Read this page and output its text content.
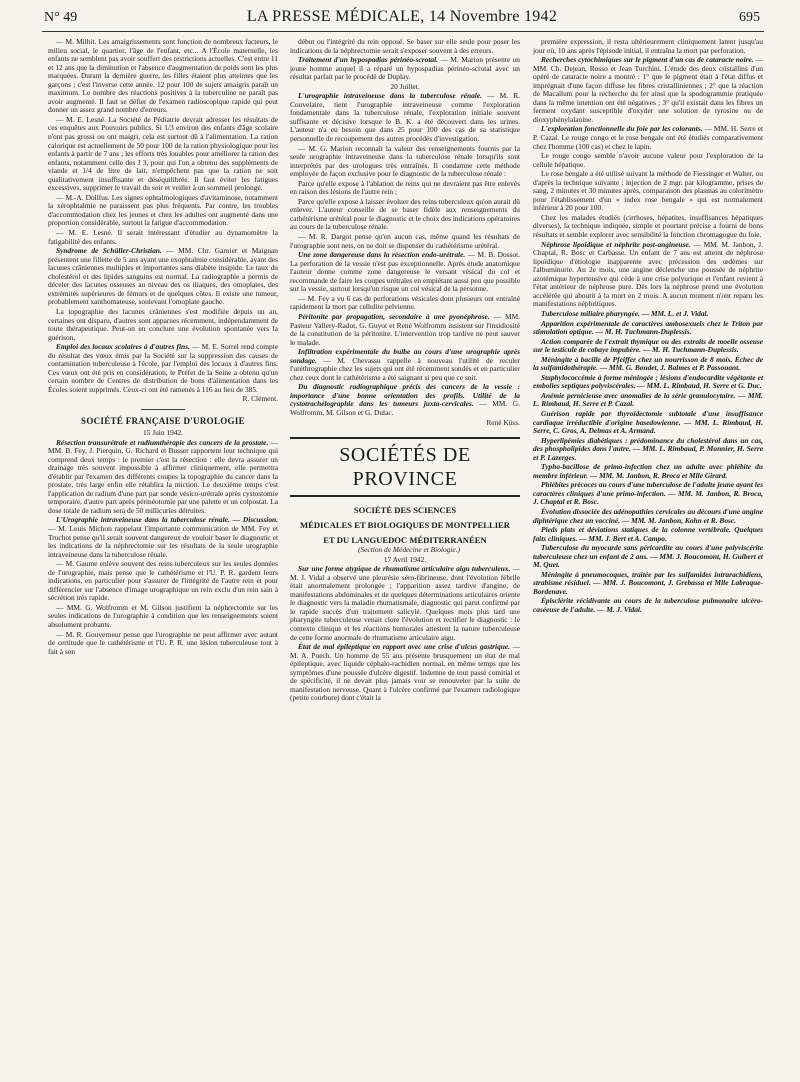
N° 49	LA PRESSE MÉDICALE, 14 Novembre 1942	695

— M. Milhit. Les amaigrissements sont fonction de nombreux facteurs, le milieu social, le quartier, l'âge de l'enfant, etc... A l'École maternelle, les enfants ne semblent pas avoir souffert des restrictions actuelles. C'est entre 11 et 12 ans que la diminution et l'absence d'augmentation de poids sont les plus marquées. Durant la dernière guerre, les filles étaient plus atteintes que les garçons ; c'est l'inverse cette année. 12 pour 100 de sujets amaigris paraît un maximum. Le nombre des réactions positives à la tuberculine ne paraît pas avoir augmenté. Il faut se défier de l'examen radioscopique rapide qui peut donner un assez grand nombre d'erreurs.

— M. E. Lesné. La Société de Pédiatrie devrait adresser les résultats de ces enquêtes aux Pouvoirs publics. Si 1/3 environ des enfants d'âge scolaire n'ont pas grossi ou ont maigri, cela est surtout dû à l'alimentation. La ration calorique est actuellement de 50 pour 100 de la ration physiologique pour les enfants à partir de 7 ans ; les efforts très louables pour améliorer la ration des enfants, notamment celle des J 3, pour qui l'on a obtenu des suppléments de viande et 1/4 de litre de lait, n'empêchent pas que la ration ne soit qualitativement insuffisante et déséquilibrée. Il faut éviter les fatigues excessives, supprimer le travail du soir et veiller à un sommeil prolongé.

— M.-A. Dollfus. Les signes ophtalmologiques d'avitaminose, notamment la xérophtalmie ne paraissent pas plus fréquents. Par contre, les troubles d'accommodation chez les jeunes et chez les adultes ont augmenté dans une proportion considérable, surtout la fatigue d'accommodation.

— M. E. Lesné. Il serait intéressant d'étudier au dynamomètre la fatigabilité des enfants.

Syndrome de Schüller-Christian. — MM. Chr. Garnier et Maignan présentent une fillette de 5 ans ayant une exophtalmie considérable, ayant des lacunes crâniennes multiples et importantes sans diabète insipide. Le taux du cholestérol et des lipides sanguins est normal. La radiographie a permis de déceler des lacunes osseuses au niveau des os iliaques, des omoplates, des extrémités supérieures de fémurs et de quelques côtes. Il existe une tumeur, probablement xanthomateuse, soulevant l'omoplate gauche.

La topographie des lacunes crâniennes s'est modifiée depuis un an, certaines ont disparu, d'autres sont apparues récemment, indépendamment de toute thérapeutique. Peut-on en conclure une évolution spontanée vers la guérison.

Emploi des locaux scolaires à d'autres fins. — M. E. Sorrel rend compte du résultat des vœux émis par la Société sur la suppression des causes de contamination tuberculeuse à l'école, par l'emploi des locaux à d'autres fins. Ces vœux ont été pris en considération, le Préfet de la Seine a obtenu qu'un certain nombre de Centres de distribution de bons d'alimentation dans les Écoles soient supprimés. Ceux-ci ont été ramenés à 116 au lieu de 385.

R. Clément.

SOCIÉTÉ FRANÇAISE D'UROLOGIE

15 Juin 1942.

Résection transurétrale et radiumthérapie des cancers de la prostate. — MM. B. Fey, J. Pierquin, G. Richard et Busser rapportent leur technique qui comprend deux temps : le premier c'est la résection : elle devra assurer un drainage très souvent impossible à affirmer cliniquement, elle permettra d'établir par l'examen des différents coupes la topographie du cancer dans la prostate, très large enfin elle rétablira la miction. Le deuxième temps c'est l'application de radium d'une part par sonde vésico-urétrale après cystostomie temporaire, d'autre part après périnéotomie par une palette et un colpostat. La dose totale de radium sera de 50 millicuries détruites.

L'Urographie intraveineuse dans la tuberculose rénale. — Discussion. — M. Louis Michon rappelant l'importante communication de MM. Fey et Truchot pense qu'il serait souvent dangereux de vouloir baser le diagnostic et les indications de la néphrectomie sur les résultats de la seule urographie intraveineuse dans la tuberculose rénale.

— M. Gaume enlève souvent des reins tuberculeux sur les seules données de l'urographie, mais pense que le cathétérisme et l'U. P. R. gardent leurs indications, en particulier pour s'assurer de l'intégrité de l'autre rein et pour différencier sur l'absence d'image urographique un rein exclu d'un rein sain à sécrétion très rapide.

— MM. G. Wolfromm et M. Gilson justifient la néphrectomie sur les seules indications de l'urographie à condition que les renseignements soient absolument probants.

— M. R. Gouverneur pense que l'urographie ne peut affirmer avec autant de certitude que le cathétérisme et l'U. P. R. une lésion tuberculeuse tout à fait à son

début ou l'intégrité du rein opposé. Se baser sur elle seule pour poser les indications de la néphrectomie serait s'exposer souvent à des erreurs.

Traitement d'un hypospadias périnéo-scrotal. — M. Marion présente un jeune homme auquel il a réparé un hypospadias périnéo-scrotal avec un résultat parfait par le procédé de Duplay.

20 Juillet.

L'urographie intraveineuse dans la tuberculose rénale. — M. R. Couvelaire, tient l'urographie intraveineuse comme l'exploration fondamentale dans la tuberculose rénale, l'exploration initiale souvent suffisante et décisive lorsque le B. K. a été découvert dans les urines. L'auteur n'a eu besoin que dans 25 pour 100 des cas de sa statistique personnelle de recoupement des autres procédés d'investigation.

— M. G. Marion reconnaît la valeur des renseignements fournis par la seule urographie intraveineuse dans la tuberculose rénale lorsqu'ils sont interprétés par des urologues très entraînés. Il condamne cette méthode employée de façon exclusive pour le diagnostic de la tuberculose rénale :

Parce qu'elle expose à l'ablation de reins qui ne devraient pas être enlevés en raison des lésions de l'autre rein ;

Parce qu'elle expose à laisser évoluer des reins tuberculeux qu'on aurait dû enlever. L'auteur conseille de se baser fidèle aux renseignements du cathétérisme urétéral pour le diagnostic et le choix des indications opératoires au cours de la tuberculose rénale.

— M. R. Dargot pense qu'en aucun cas, même quand les résultats de l'urographie sont nets, on ne doit se dispenser du cathétérisme urétéral.

Une zone dangereuse dans la résection endo-urétrale. — M. B. Dossot. La perforation de la vessie n'est pas exceptionnelle. Après étude anatomique l'auteur donne comme zone dangereuse le versant vésical du col et recommande de faire les coupes urétrales en empiétant aussi peu que possible sur la vessie, surtout lorsqu'un risque un col vésical de la personne.

— M. Fey a vu 6 cas de perforations vésicales dont plusieurs ont entraîné rapidement la mort par cellulite pelvienne.

Péritonite par propagation, secondaire à une pyonéphrose. — MM. Pasteur Vallery-Radot, G. Guyot et René Wolfromm insistent sur l'insidiosité de la constitution de la péritonite. L'intervention trop tardive ne peut sauver le malade.

Infiltration expérimentale du bulbe au cours d'une urographie après sondage. — M. Chevassu rappelle à nouveau l'utilité de reculer l'uréthrographie chez les sujets qui ont été récemment sondés et en particulier chez ceux dont le cathétérisme a été saignant si peu que ce soit.

Du diagnostic radiographique précis des cancers de la vessie : importance d'une bonne orientation des profils. Utilité de la cystotrachélographie dans les tumeurs juxta-cervicales. — MM. G. Wolfromm, M. Gilson et G. Dulac.

René Küss.

SOCIÉTÉS DE PROVINCE
SOCIÉTÉ DES SCIENCES
MÉDICALES ET BIOLOGIQUES DE MONTPELLIER
ET DU LANGUEDOC MÉDITERRANÉEN

(Section de Médecine et Biologie.)

17 Avril 1942.

Sur une forme atypique de rhumatisme articulaire aigu tuberculeux. — M. J. Vidal a observé une pleurésie séro-fibrineuse, dont l'évolution fébrile était anormalement prolongée ; l'apparition assez tardive d'angine, de manifestations abdominales et de quelques déterminations articulaires oriente le diagnostic vers la maladie rhumatismale, diagnostic qui parut confirmé par le rapide succès d'un traitement salicylé. Quelques mois plus tard une pharyngite tuberculeuse venait clore l'évolution et rectifier le diagnostic : le contexte clinique et les réactions humorales attestent la nature tuberculeuse de cette forme anormale de rhumatisme articulaire aigu.

État de mal épileptique en rapport avec une crise d'ulcus gastrique. — M. A. Puech. Un homme de 55 ans présente brusquement un état de mal épileptique, avec liquide céphalo-rachidien normal, en même temps que les symptômes d'une poussée d'ulcère digestif. Indemne de tout passé comitial et de spécificité, il ne devait plus jamais voir se renouveler par la suite de manifestation nerveuse. Quant à l'ulcère confirmé par l'examen radiologique (petite courbure) dont c'était la

première expression, il resta ultérieurement cliniquement latent jusqu'au jour où, 10 ans après l'épisode initial, il entraîna la mort par perforation.

Recherches cytochimiques sur le pigment d'un cas de cataracte noire. — MM. Ch. Dejean, Rosso et Jean Turchini. L'étude des deux cristallins d'un opéré de cataracte noire a montré : 1° que le pigment était à l'état diffus et imprégnait d'une façon diffuse les fibres cristalliniennes ; 2° que la réaction de Macallum pour la recherche du fer ainsi que la spodogrammie pratiquée dans la même intention ont été négatives ; 3° qu'il existait dans les fibres un ferment oxydant susceptible d'oxyder une solution de tyrosine ou de dioxyphénylalanine.

L'exploration fonctionnelle du foie par les colorants. — MM. H. Serre et P. Cazal. Le rouge congo et le rose bengale ont été étudiés comparativement chez l'homme (100 cas) et chez le lapin.

Le rouge congo semble n'avoir aucune valeur pour l'exploration de la cellule hépatique.

Le rose bengale a été utilisé suivant la méthode de Fiessinger et Walter, ou d'après la technique suivante : injection de 2 mgr. par kilogramme, prises de sang, 2 minutes et 30 minutes après, comparaison des plasmas au colorimètre pour l'établissement d'un « index rose bengale » qui est normalement inférieur à 20 pour 100.

Chez les malades étudiés (cirrhoses, hépatites, insuffisances hépatiques diverses), la technique indiquée, simple et pourtant précise a fourni de bons résultats et semble explorer avec sensibilité la fonction chromagogue du foie.

Néphrose lipoïdique et néphrite post-angineuse. — MM. M. Janbon, J. Chaptal, R. Bosc et Carbasse. Un enfant de 7 ans est atteint de néphrose lipoïdique d'étiologie inapparente avec précession des œdèmes sur l'albuminurie. Au 2e mois, une angine déclenche une poussée de néphrite azotémique hypertensive qui cède à une crise polyurique et l'enfant revient à l'état antérieur de néphrose pure. Dès lors la néphrose prend une évolution accélérée qui aboutit à la mort en 2 mois. A aucun moment n'ont reparu les manifestations néphritiques.

Tuberculose miliaire pharyngée. — MM. L. et J. Vidal.

Apparition expérimentale de caractères ambosexuels chez le Triton par stimulation optique. — M. H. Tuchmann-Duplessis.

Action comparée de l'extrait thymique ou des extraits de moelle osseuse sur le testicule de cobaye impubère. — M. H. Tuchmann-Duplessis.

Méningite à bacille de Pfeiffer chez un nourrisson de 8 mois. Échec de la sulfamidothérapie. — MM. G. Boudet, J. Balmes et P. Passouant.

Staphylococcémie à forme méningée ; lésions d'endocardite végétante et embolies septiques polyviscérales. — MM. L. Rimbaud, H. Serre et G. Duc.

Anémie pernicieuse avec anomalies de la série granulocytaire. — MM. L. Rimbaud, H. Serre et P. Cazal.

Guérison rapide par thyroïdectomie subtotale d'une insuffisance cardiaque irréductible d'origine basedowienne. — MM. L. Rimbaud, H. Serre, C. Gros, A. Delmas et A. Armand.

Hyperlipémies diabétiques : prédominance du cholestérol dans un cas, des phospholipides dans l'autre. — MM. L. Rimbaud, P. Monnier, H. Serre et P. Lazerges.

Typho-bacillose de primo-infection chez un adulte avec phlébite du membre inférieur. — MM. M. Janbon, R. Broca et Mlle Girard.

Phlébites précoces au cours d'une tuberculose de l'adulte jeune ayant les caractères cliniques d'une primo-infection. — MM. M. Janbon, R. Broca, J. Chaptal et R. Bosc.

Évolution dissociée des adénopathies cervicales au décours d'une angine diphtérique chez un vacciné. — MM. M. Janbon, Kohn et R. Bosc.

Pieds plats et déviations statiques de la colonne vertébrale. Quelques faits cliniques. — MM. J. Bert et A. Campo.

Tuberculose du myocarde sans péricardite au cours d'une polyviscérite tuberculeuse chez un enfant de 2 ans. — MM. J. Boucomont, H. Guibert et M. Quet.

Méningite à pneumocoques, traitée par les sulfamides intrarachidiens, strabisme résiduel. — MM. J. Boucomont, J. Grebassa et Mlle Labraque-Bordenave.

Épisclérite récidivante au cours de la tuberculose pulmonaire ulcéro-caséeuse de l'adulte. — M. J. Vidal.
